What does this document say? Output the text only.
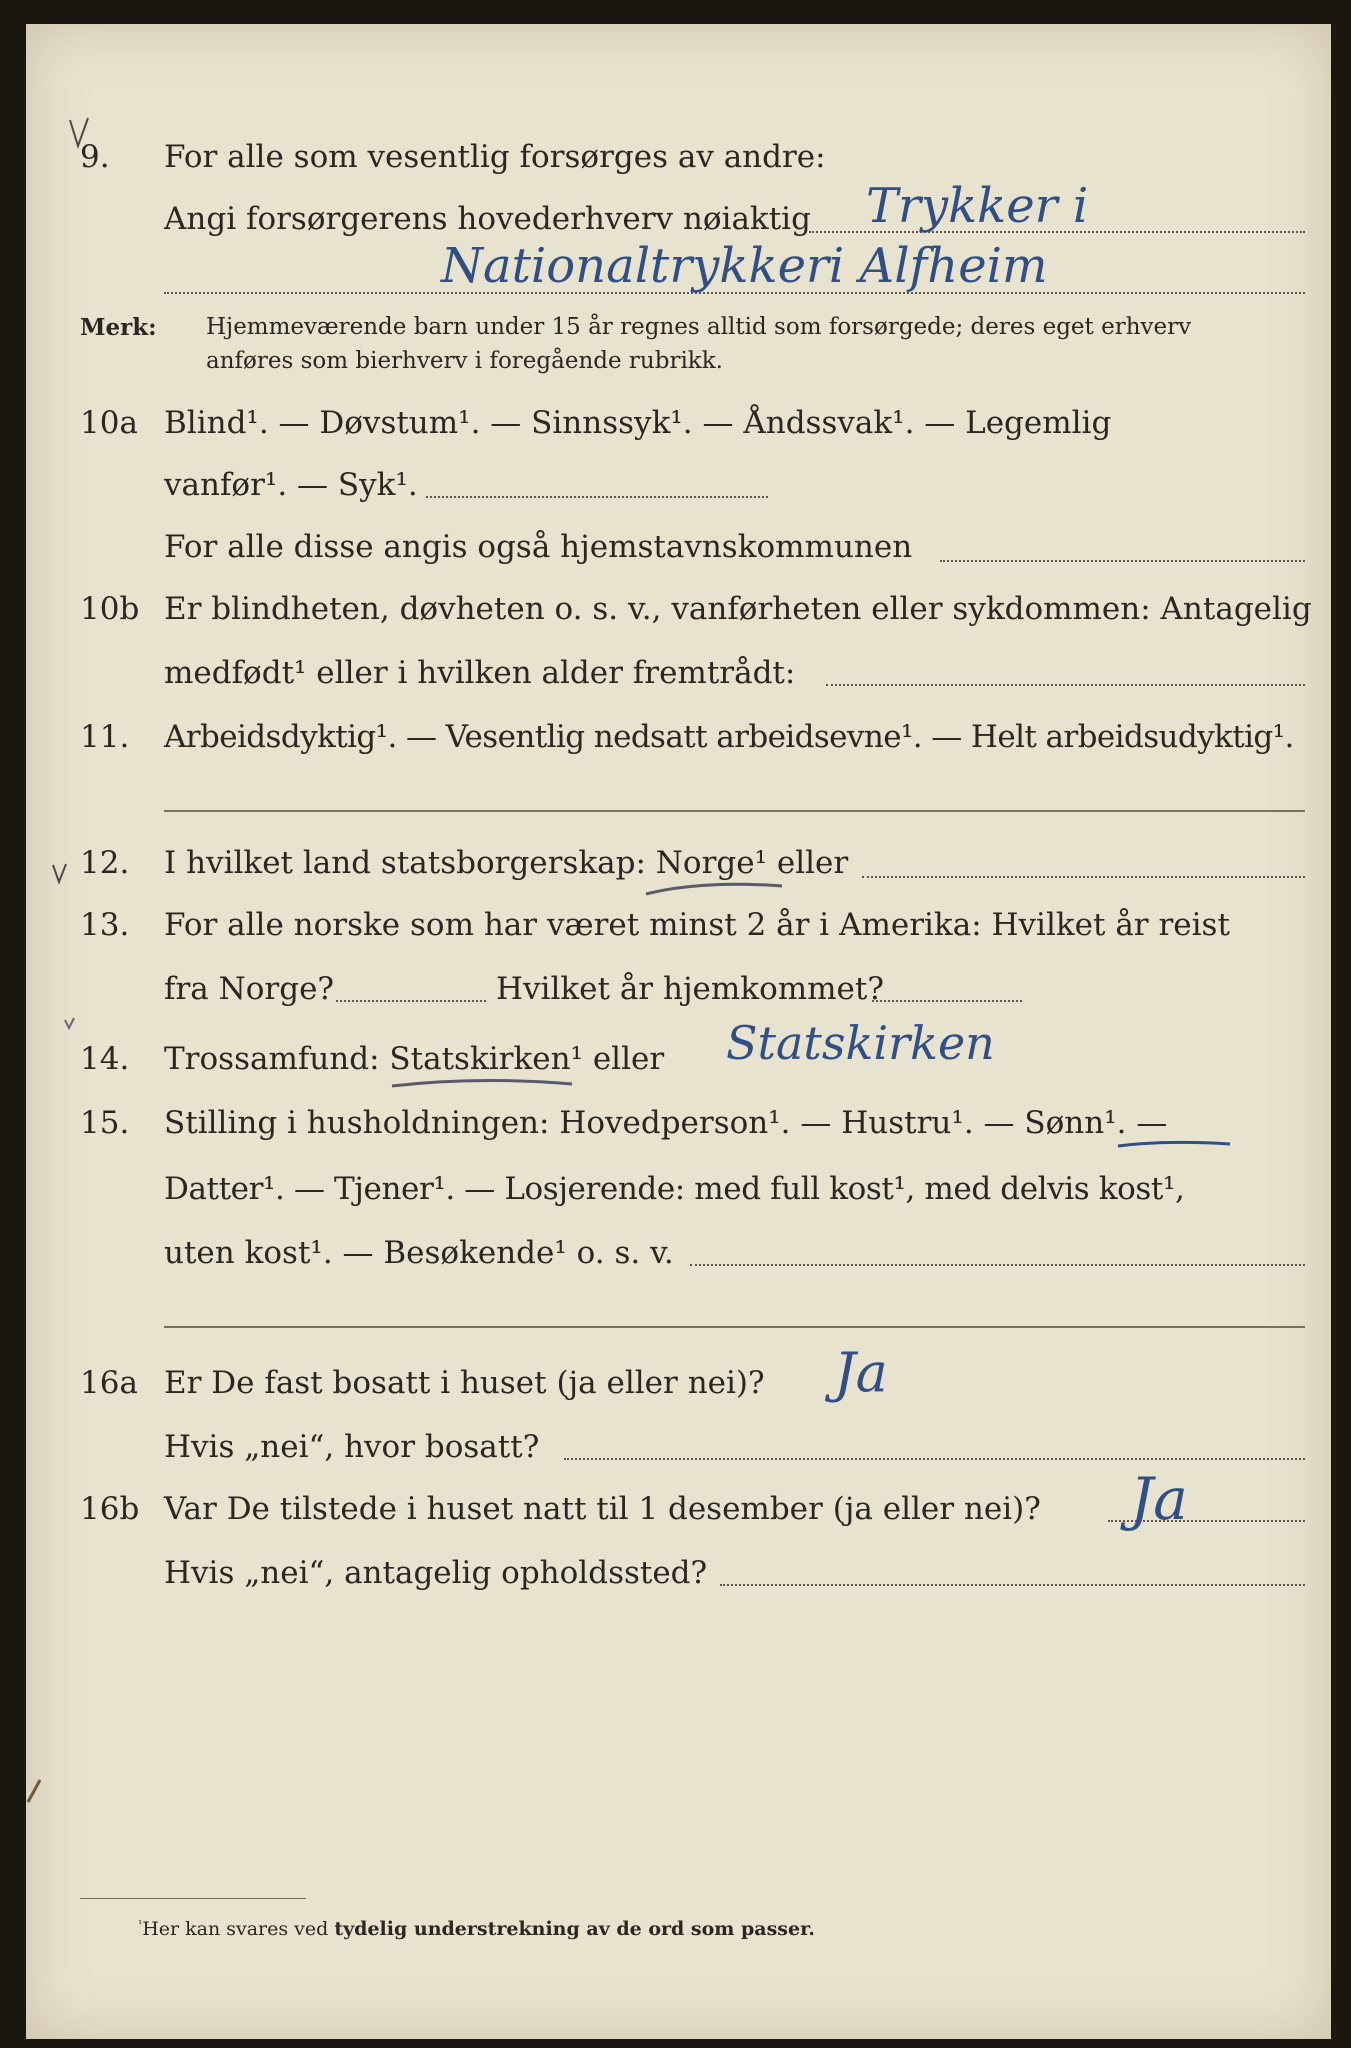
9. For alle som vesentlig forsørges av andre:
Angi forsørgerens hovederhverv nøiaktig Trykker i
Nationaltrykkeri Alfheim
Merk: Hjemmeværende barn under 15 år regnes alltid som forsørgede; deres eget erhverv
anføres som bierhverv i foregående rubrikk.
10a Blind¹. — Døvstum¹. — Sinnssyk¹. — Åndssvak¹. — Legemlig
vanfør¹. — Syk¹.
For alle disse angis også hjemstavnskommunen
10b Er blindheten, døvheten o. s. v., vanførheten eller sykdommen: Antagelig
medfødt¹ eller i hvilken alder fremtrådt:
11. Arbeidsdyktig¹. — Vesentlig nedsatt arbeidsevne¹. — Helt arbeidsudyktig¹.
12. I hvilket land statsborgerskap: Norge¹ eller
13. For alle norske som har været minst 2 år i Amerika: Hvilket år reist
fra Norge?	Hvilket år hjemkommet?
14. Trossamfund: Statskirken¹ eller Statskirken
15. Stilling i husholdningen: Hovedperson¹. — Hustru¹. — Sønn¹. —
Datter¹. — Tjener¹. — Losjerende: med full kost¹, med delvis kost¹,
uten kost¹. — Besøkende¹ o. s. v.
16a Er De fast bosatt i huset (ja eller nei)? Ja
Hvis „nei“, hvor bosatt?
16b Var De tilstede i huset natt til 1 desember (ja eller nei)? Ja
Hvis „nei“, antagelig opholdssted?
$^{^1}$Her kan svares ved tydelig understrekning av de ord som passer.
